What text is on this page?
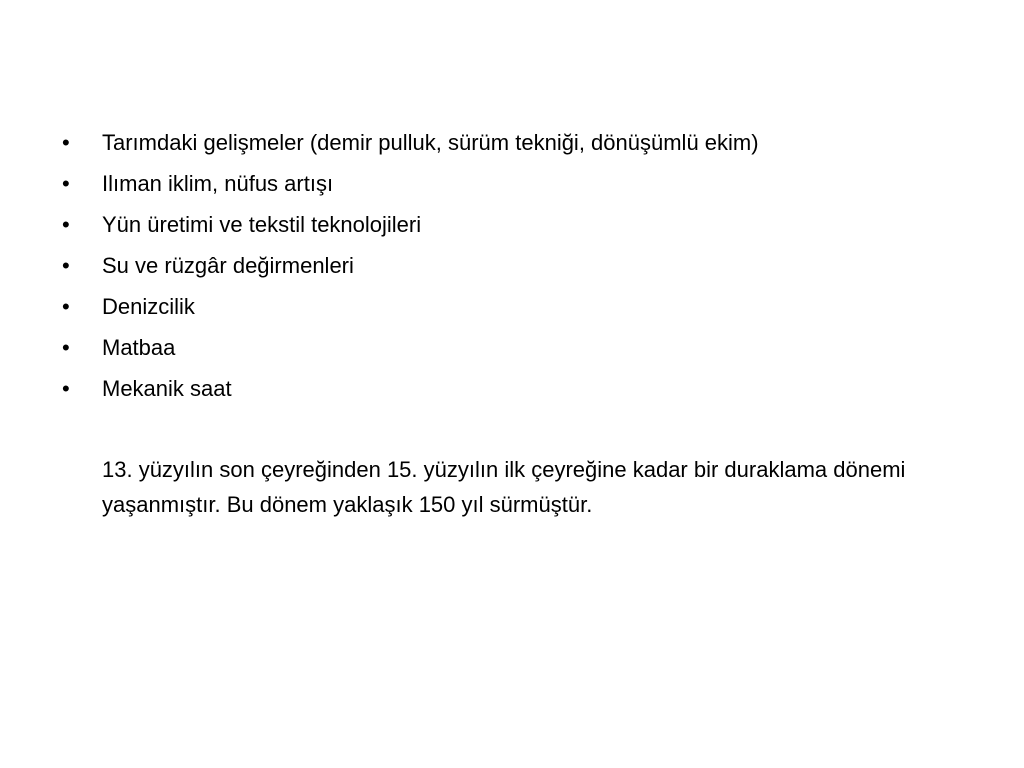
•	Tarımdaki gelişmeler (demir pulluk, sürüm tekniği, dönüşümlü ekim)
•	Ilıman iklim, nüfus artışı
•	Yün üretimi ve tekstil teknolojileri
•	Su ve rüzgâr değirmenleri
•	Denizcilik
•	Matbaa
•	Mekanik saat

13. yüzyılın son çeyreğinden 15. yüzyılın ilk çeyreğine kadar bir duraklama dönemi yaşanmıştır. Bu dönem yaklaşık 150 yıl sürmüştür.
